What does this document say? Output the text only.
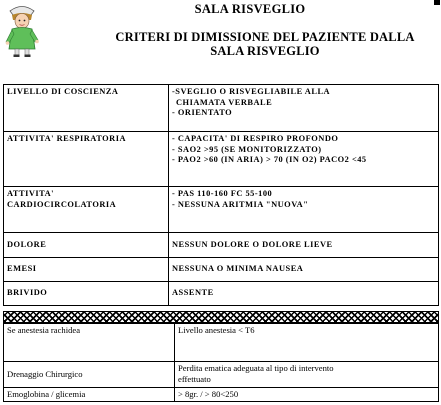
SALA RISVEGLIO
CRITERI DI DIMISSIONE DEL PAZIENTE DALLA
SALA RISVEGLIO
LIVELLO DI COSCIENZA	-SVEGLIO O RISVEGLIABILE ALLA
CHIAMATA VERBALE
- ORIENTATO

ATTIVITA' RESPIRATORIA	- CAPACITA' DI RESPIRO PROFONDO
- SAO2 >95 (SE MONITORIZZATO)
- PAO2 >60 (IN ARIA) > 70 (IN O2) PACO2 <45

ATTIVITA'
CARDIOCIRCOLATORIA	- PAS 110-160 FC 55-100
- NESSUNA ARITMIA "NUOVA"

DOLORE	NESSUN DOLORE O DOLORE LIEVE

EMESI	NESSUNA O MINIMA NAUSEA

BRIVIDO	ASSENTE
Se anestesia rachidea	Livello anestesia < T6
Drenaggio Chirurgico	Perdita ematica adeguata al tipo di intervento
effettuato

Emoglobina / glicemia	> 8gr. / > 80<250
